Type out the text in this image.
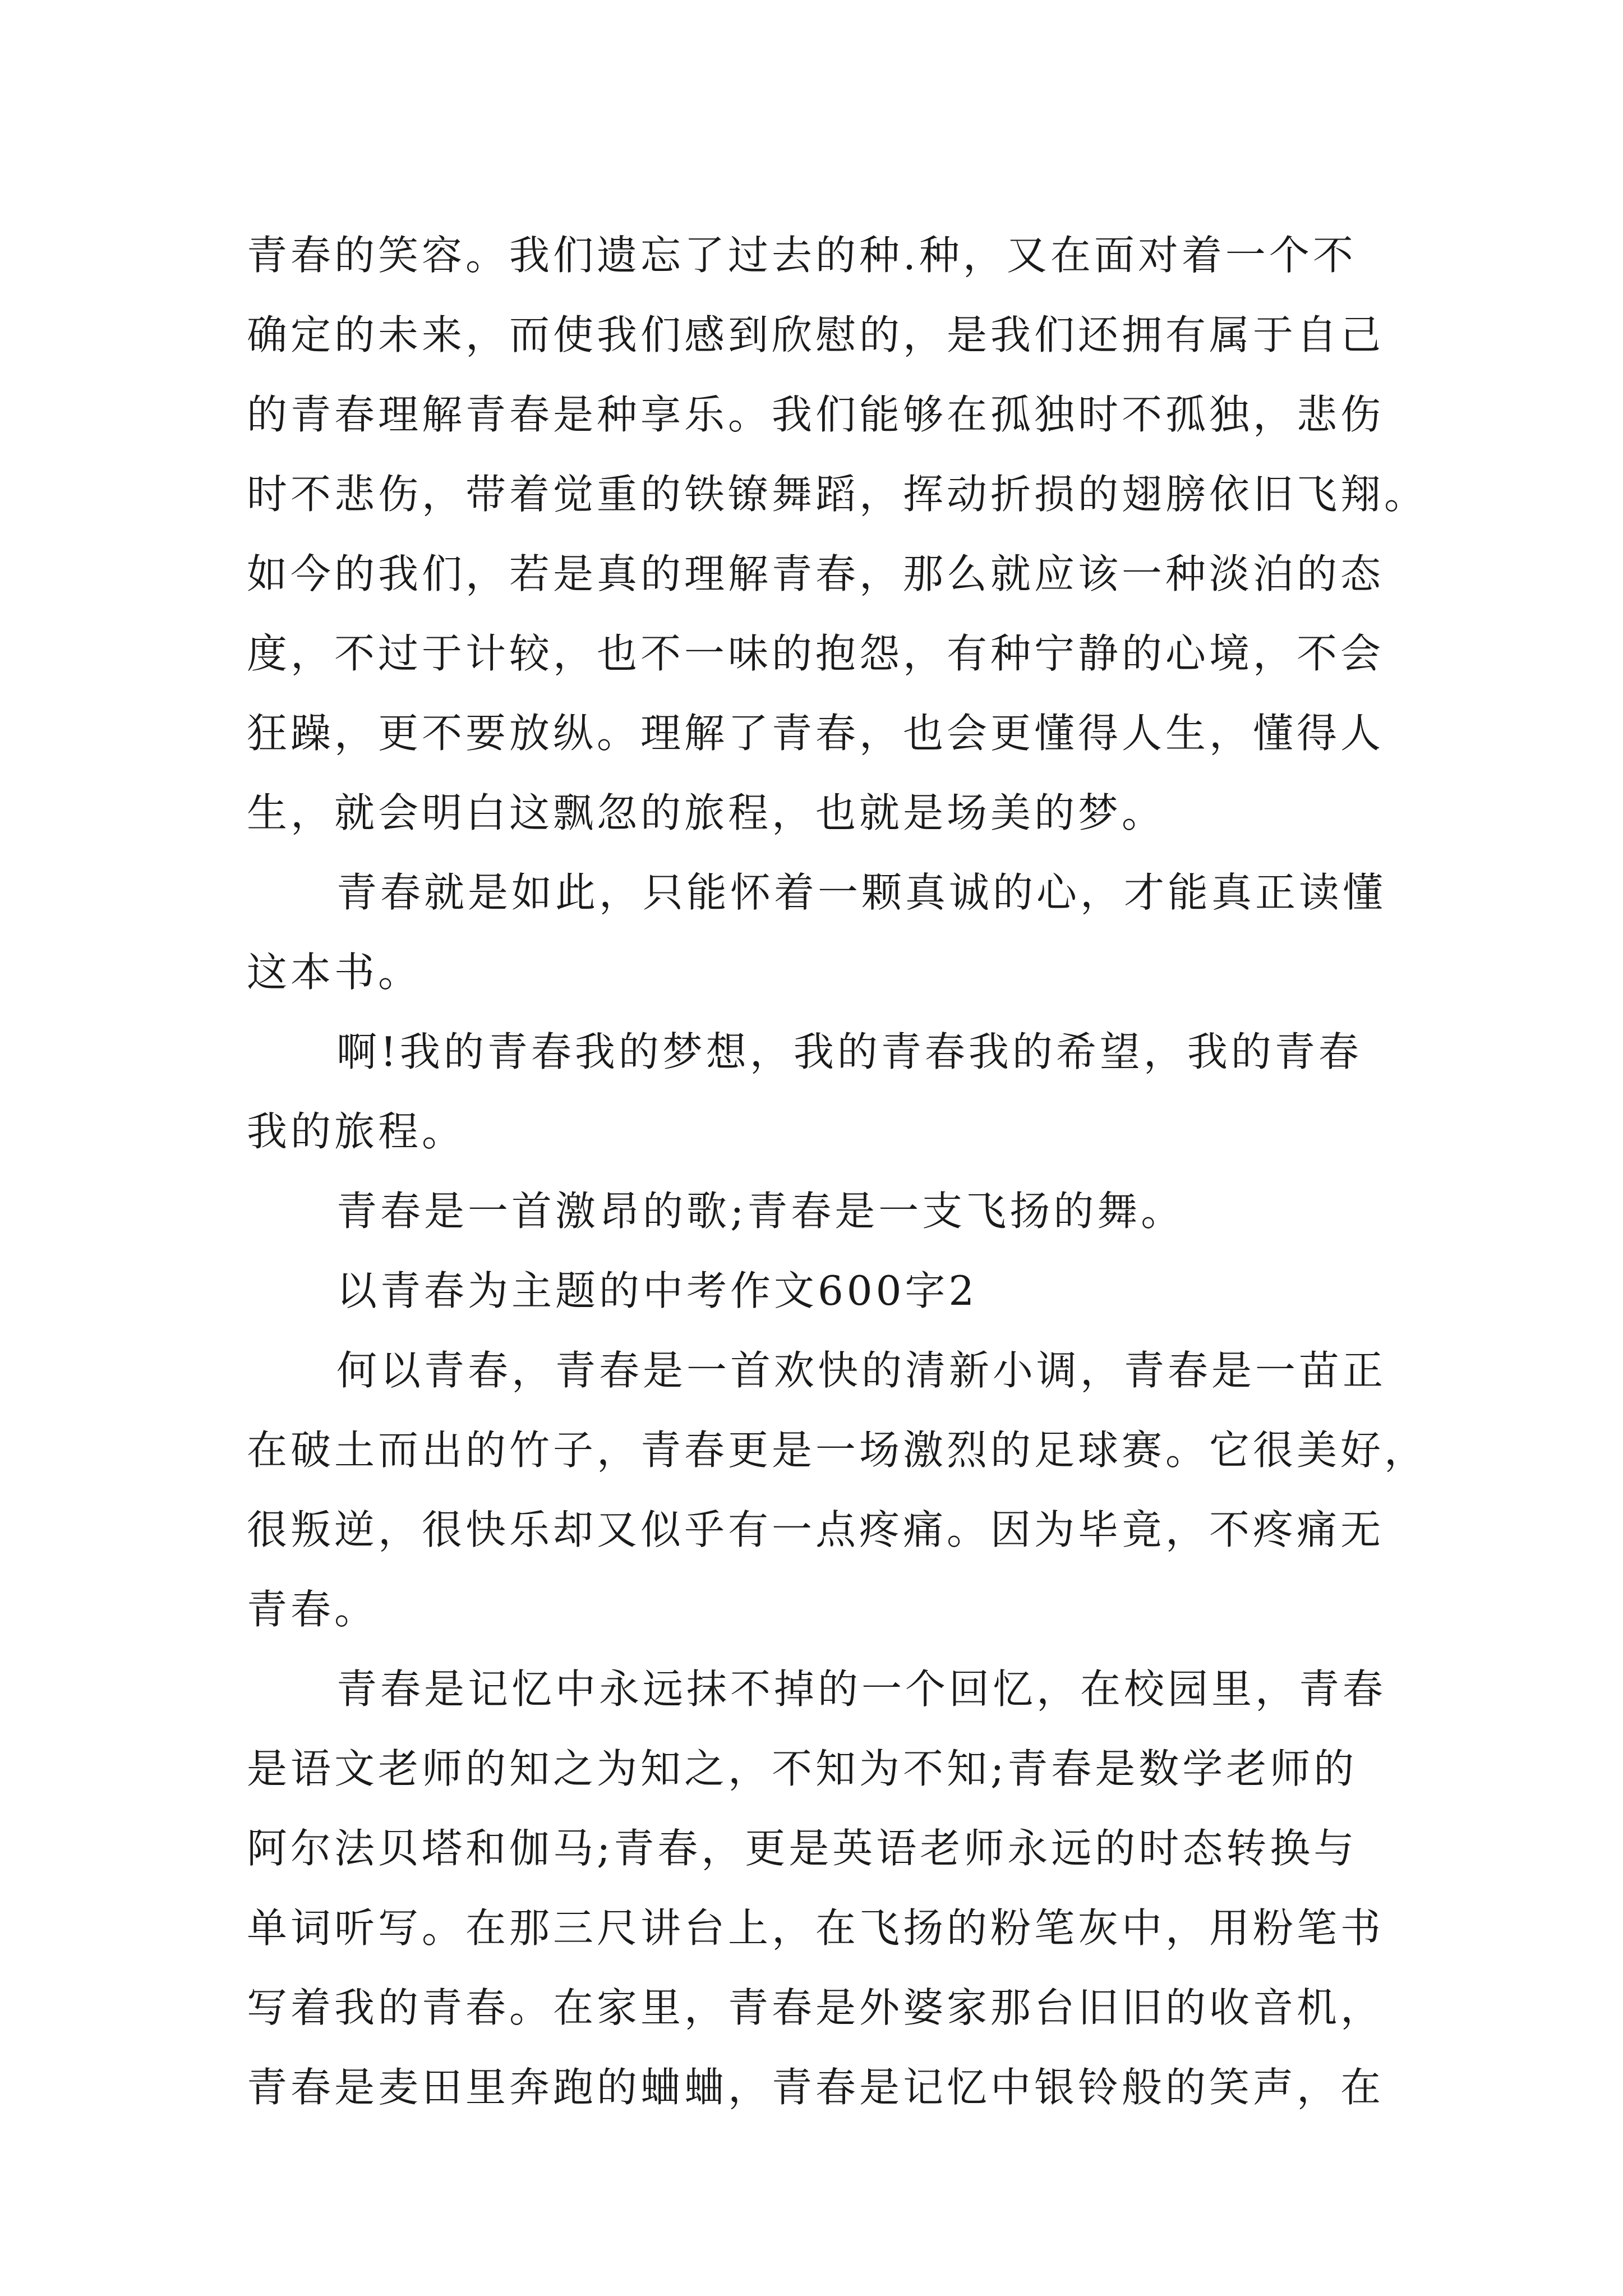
青春的笑容。我们遗忘了过去的种.种，又在面对着一个不
确定的未来，而使我们感到欣慰的，是我们还拥有属于自己
的青春理解青春是种享乐。我们能够在孤独时不孤独，悲伤
时不悲伤，带着觉重的铁镣舞蹈，挥动折损的翅膀依旧飞翔。
如今的我们，若是真的理解青春，那么就应该一种淡泊的态
度，不过于计较，也不一味的抱怨，有种宁静的心境，不会
狂躁，更不要放纵。理解了青春，也会更懂得人生，懂得人
生，就会明白这飘忽的旅程，也就是场美的梦。
青春就是如此，只能怀着一颗真诚的心，才能真正读懂
这本书。
啊!我的青春我的梦想，我的青春我的希望，我的青春
我的旅程。
青春是一首激昂的歌;青春是一支飞扬的舞。
以青春为主题的中考作文600字2
何以青春，青春是一首欢快的清新小调，青春是一苗正
在破土而出的竹子，青春更是一场激烈的足球赛。它很美好，
很叛逆，很快乐却又似乎有一点疼痛。因为毕竟，不疼痛无
青春。
青春是记忆中永远抹不掉的一个回忆，在校园里，青春
是语文老师的知之为知之，不知为不知;青春是数学老师的
阿尔法贝塔和伽马;青春，更是英语老师永远的时态转换与
单词听写。在那三尺讲台上，在飞扬的粉笔灰中，用粉笔书
写着我的青春。在家里，青春是外婆家那台旧旧的收音机，
青春是麦田里奔跑的蛐蛐，青春是记忆中银铃般的笑声，在
